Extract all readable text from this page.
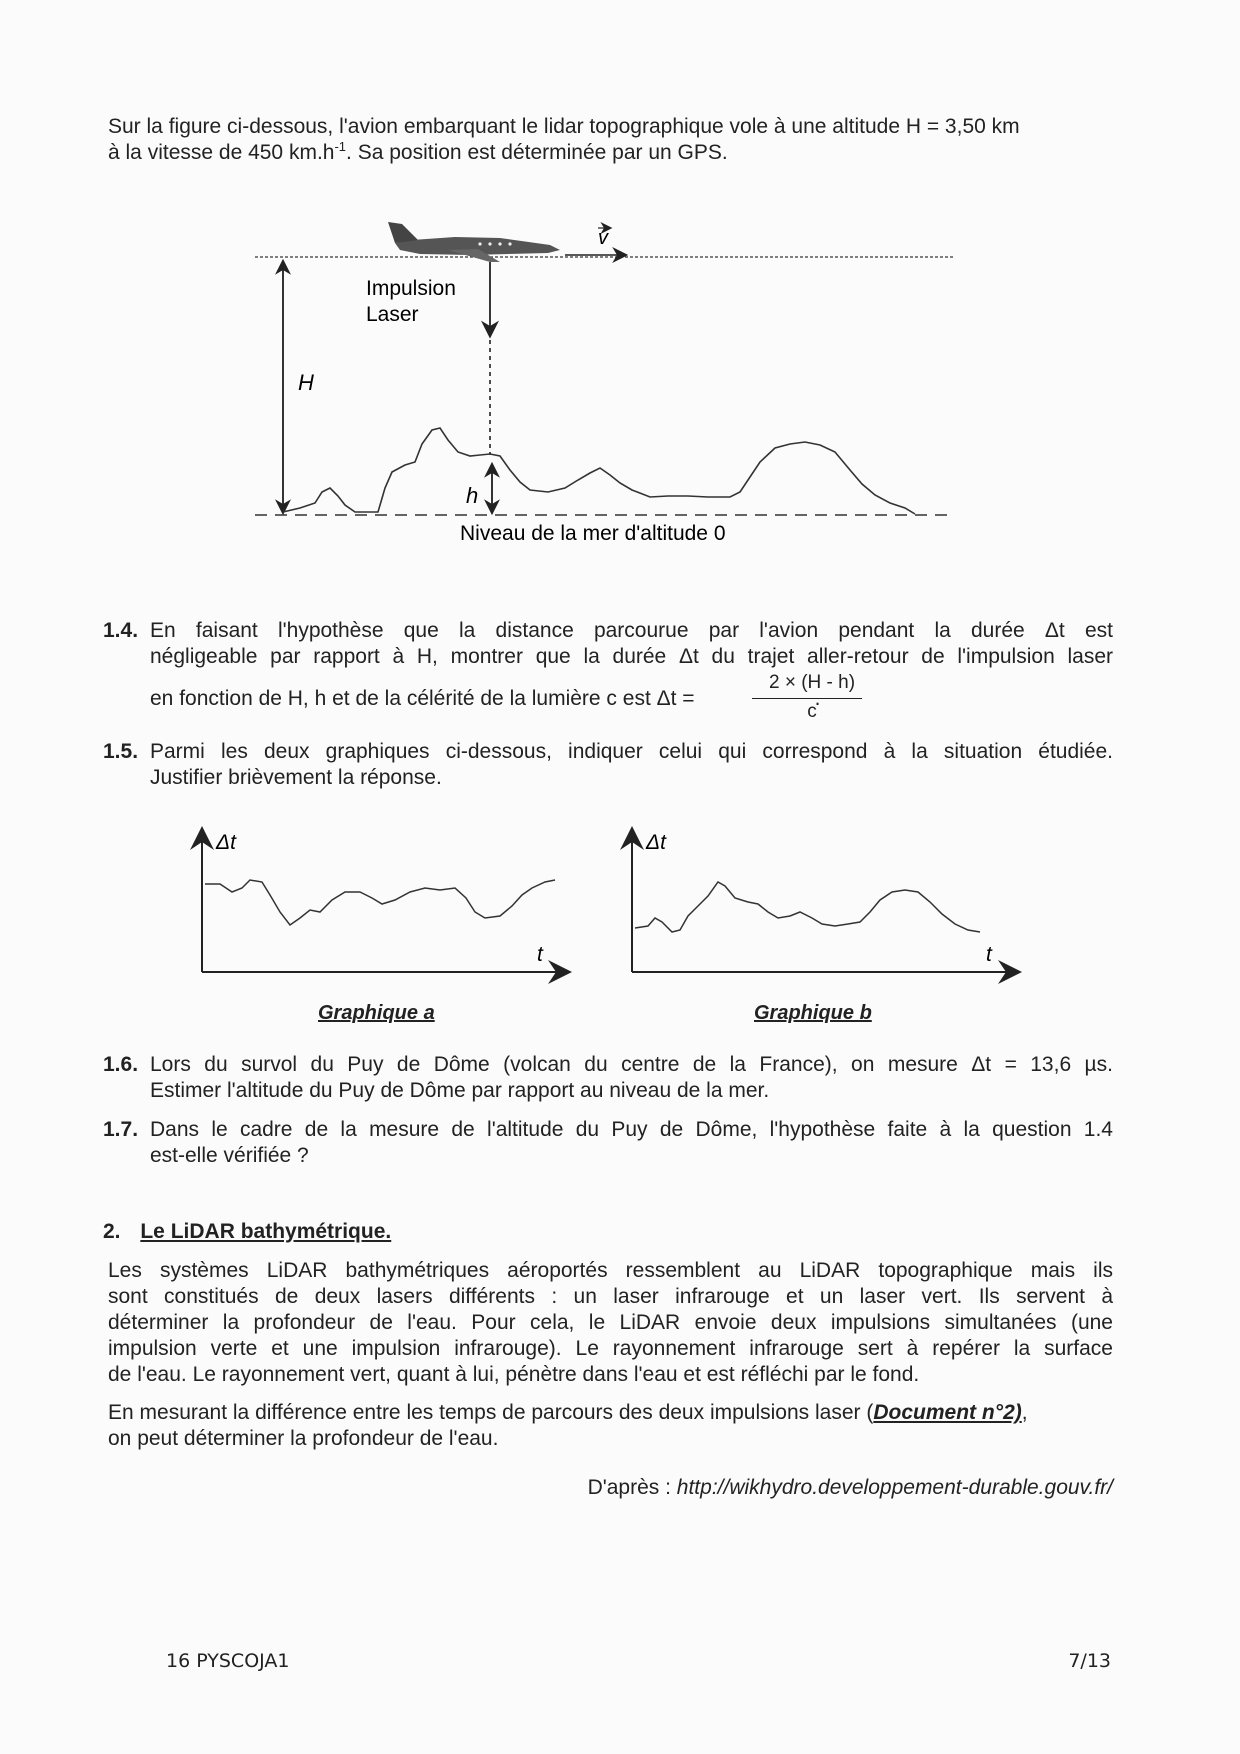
Sur la figure ci-dessous, l'avion embarquant le lidar topographique vole à une altitude H = 3,50 km
à la vitesse de 450 $km.h^{-1}$. Sa position est déterminée par un GPS.
v
H
Impulsion
Laser
h
Niveau de la mer d'altitude 0
1.4. En faisant l'hypothèse que la distance parcourue par l'avion pendant la durée Δt est
négligeable par rapport à H, montrer que la durée Δt du trajet aller-retour de l'impulsion laser
en fonction de H, h et de la célérité de la lumière c est Δt =	.
2 × (H - h)
c
1.5. Parmi les deux graphiques ci-dessous, indiquer celui qui correspond à la situation étudiée.
Justifier brièvement la réponse.
Δt
t
Δt
t
Graphique a	Graphique b
1.6. Lors du survol du Puy de Dôme (volcan du centre de la France), on mesure Δt = 13,6 µs.
Estimer l'altitude du Puy de Dôme par rapport au niveau de la mer.
1.7. Dans le cadre de la mesure de l'altitude du Puy de Dôme, l'hypothèse faite à la question 1.4
est-elle vérifiée ?
2. Le LiDAR bathymétrique.
Les systèmes LiDAR bathymétriques aéroportés ressemblent au LiDAR topographique mais ils
sont constitués de deux lasers différents : un laser infrarouge et un laser vert. Ils servent à
déterminer la profondeur de l'eau. Pour cela, le LiDAR envoie deux impulsions simultanées (une
impulsion verte et une impulsion infrarouge). Le rayonnement infrarouge sert à repérer la surface
de l'eau. Le rayonnement vert, quant à lui, pénètre dans l'eau et est réfléchi par le fond.
En mesurant la différence entre les temps de parcours des deux impulsions laser (Document n°2),
on peut déterminer la profondeur de l'eau.
D'après : http://wikhydro.developpement-durable.gouv.fr/
16 PYSCOJA1	7/13
